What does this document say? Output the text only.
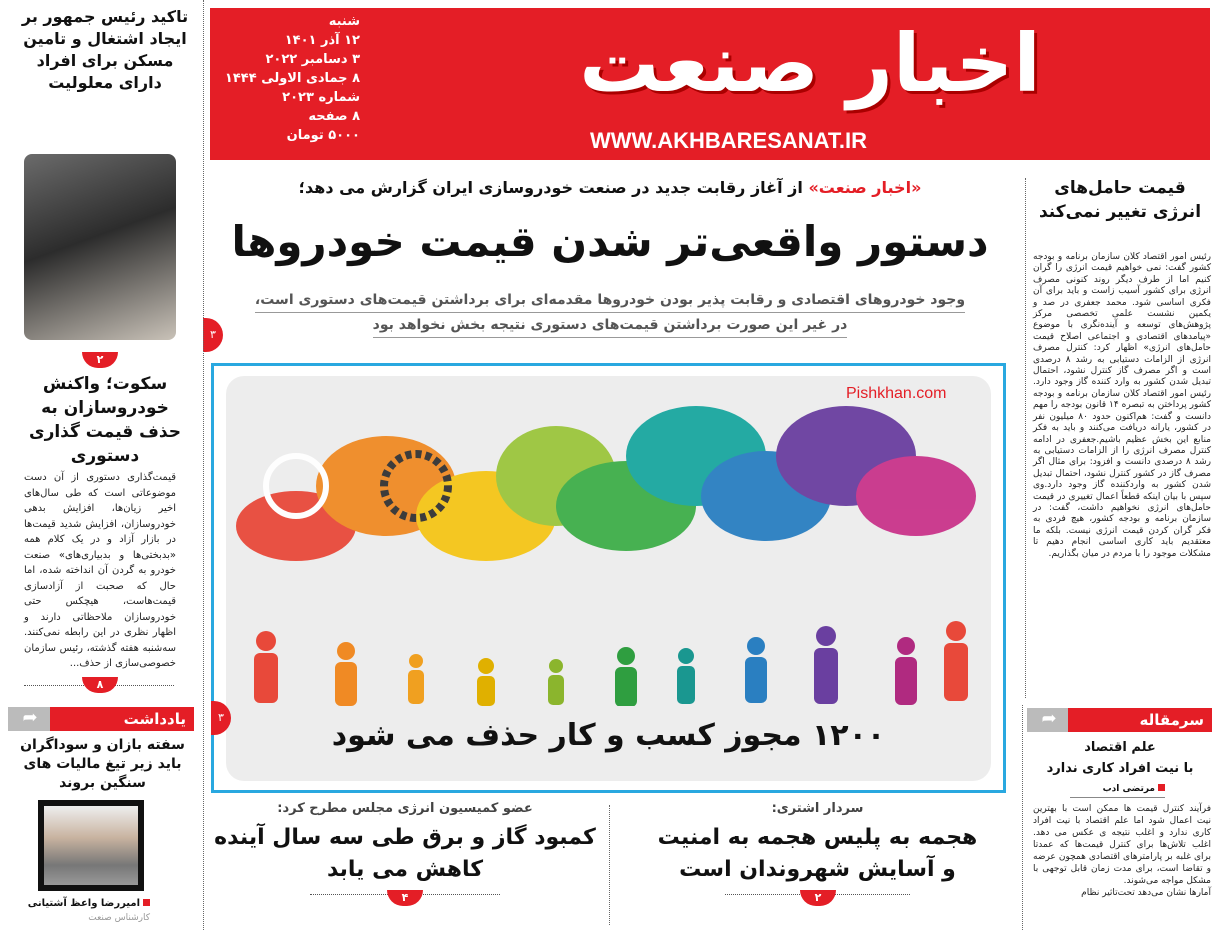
اخبار صنعت
WWW.AKHBARESANAT.IR
شنبه
۱۲ آذر ۱۴۰۱
۳ دسامبر ۲۰۲۲
۸ جمادی الاولی ۱۴۴۴
شماره ۲۰۲۳
۸ صفحه
۵۰۰۰ تومان
«اخبار صنعت» از آغاز رقابت جدید در صنعت خودروسازی ایران گزارش می دهد؛
دستور واقعی‌تر شدن قیمت خودروها
وجود خودروهای اقتصادی و رقابت پذیر بودن خودروها مقدمه‌ای برای برداشتن قیمت‌های دستوری است،
در غیر این صورت برداشتن قیمت‌های دستوری نتیجه بخش نخواهد بود
۳
۱۲۰۰ مجوز کسب و کار حذف می شود
Pishkhan.com
۳
عضو کمیسیون انرژی مجلس مطرح کرد:
کمبود گاز و برق طی سه سال آینده
کاهش می یابد
۴
سردار اشتری:
هجمه به پلیس هجمه به امنیت
و آسایش شهروندان است
۲
تاکید رئیس جمهور بر ایجاد اشتغال و تامین مسکن برای افراد دارای معلولیت
۲
سکوت؛ واکنش خودروسازان به حذف قیمت گذاری دستوری
قیمت‌گذاری دستوری از آن دست موضوعاتی است که طی سال‌های اخیر زیان‌ها، افزایش بدهی خودروسازان، افزایش شدید قیمت‌ها در بازار آزاد و در یک کلام همه «بدبختی‌ها و بدبیاری‌های» صنعت خودرو به گردن آن انداخته شده، اما حال که صحبت از آزادسازی قیمت‌هاست، هیچکس حتی خودروسازان ملاحظاتی دارند و اظهار نظری در این رابطه نمی‌کنند. سه‌شنبه هفته گذشته، رئیس سازمان خصوصی‌سازی از حذف...
۸
➦	یادداشت
سفته بازان و سوداگران باید زیر تیغ مالیات های سنگین بروند
امیررضا واعظ آشتیانی
کارشناس صنعت
قیمت حامل‌های انرژی تغییر نمی‌کند
رئیس امور اقتصاد کلان سازمان برنامه و بودجه کشور گفت: نمی خواهیم قیمت انرژی را گران کنیم اما از طرف دیگر روند کنونی مصرف انرژی برای کشور آسیب زاست و باید برای آن فکری اساسی شود. محمد جعفری در صد و یکمین نشست علمی تخصصی مرکز پژوهش‌های توسعه و آینده‌نگری با موضوع «پیامدهای اقتصادی و اجتماعی اصلاح قیمت حامل‌های انرژی» اظهار کرد: کنترل مصرف انرژی از الزامات دستیابی به رشد ۸ درصدی است و اگر مصرف گاز کنترل نشود، احتمال تبدیل شدن کشور به وارد کننده گاز وجود دارد. رئیس امور اقتصاد کلان سازمان برنامه و بودجه کشور پرداختن به تبصره ۱۴ قانون بودجه را مهم دانست و گفت: هم‌اکنون حدود ۸۰ میلیون نفر در کشور، یارانه دریافت می‌کنند و باید به فکر منابع این بخش عظیم باشیم.جعفری در ادامه کنترل مصرف انرژی را از الزامات دستیابی به رشد ۸ درصدی دانست و افزود: برای مثال اگر مصرف گاز در کشور کنترل نشود، احتمال تبدیل شدن کشور به واردکننده گاز وجود دارد.وی سپس با بیان اینکه قطعاً اعمال تغییری در قیمت حامل‌های انرژی نخواهیم داشت، گفت: در سازمان برنامه و بودجه کشور، هیچ فردی به فکر گران کردن قیمت انرژی نیست. بلکه ما معتقدیم باید کاری اساسی انجام دهیم تا مشکلات موجود را با مردم در میان بگذاریم.
➦	سرمقاله
علم اقتصاد
با نیت افراد کاری ندارد
مرتضی ادب
فرآیند کنترل قیمت ها ممکن است با بهترین نیت اعمال شود اما علم اقتصاد با نیت افراد کاری ندارد و اغلب نتیجه ی عکس می دهد. اغلب تلاش‌ها برای کنترل قیمت‌ها که عمدتا برای غلبه بر پارامترهای اقتصادی همچون عرضه و تقاضا است، برای مدت زمان قابل توجهی با مشکل مواجه می‌شوند.
آمارها نشان می‌دهد تحت‌تاثیر نظام
